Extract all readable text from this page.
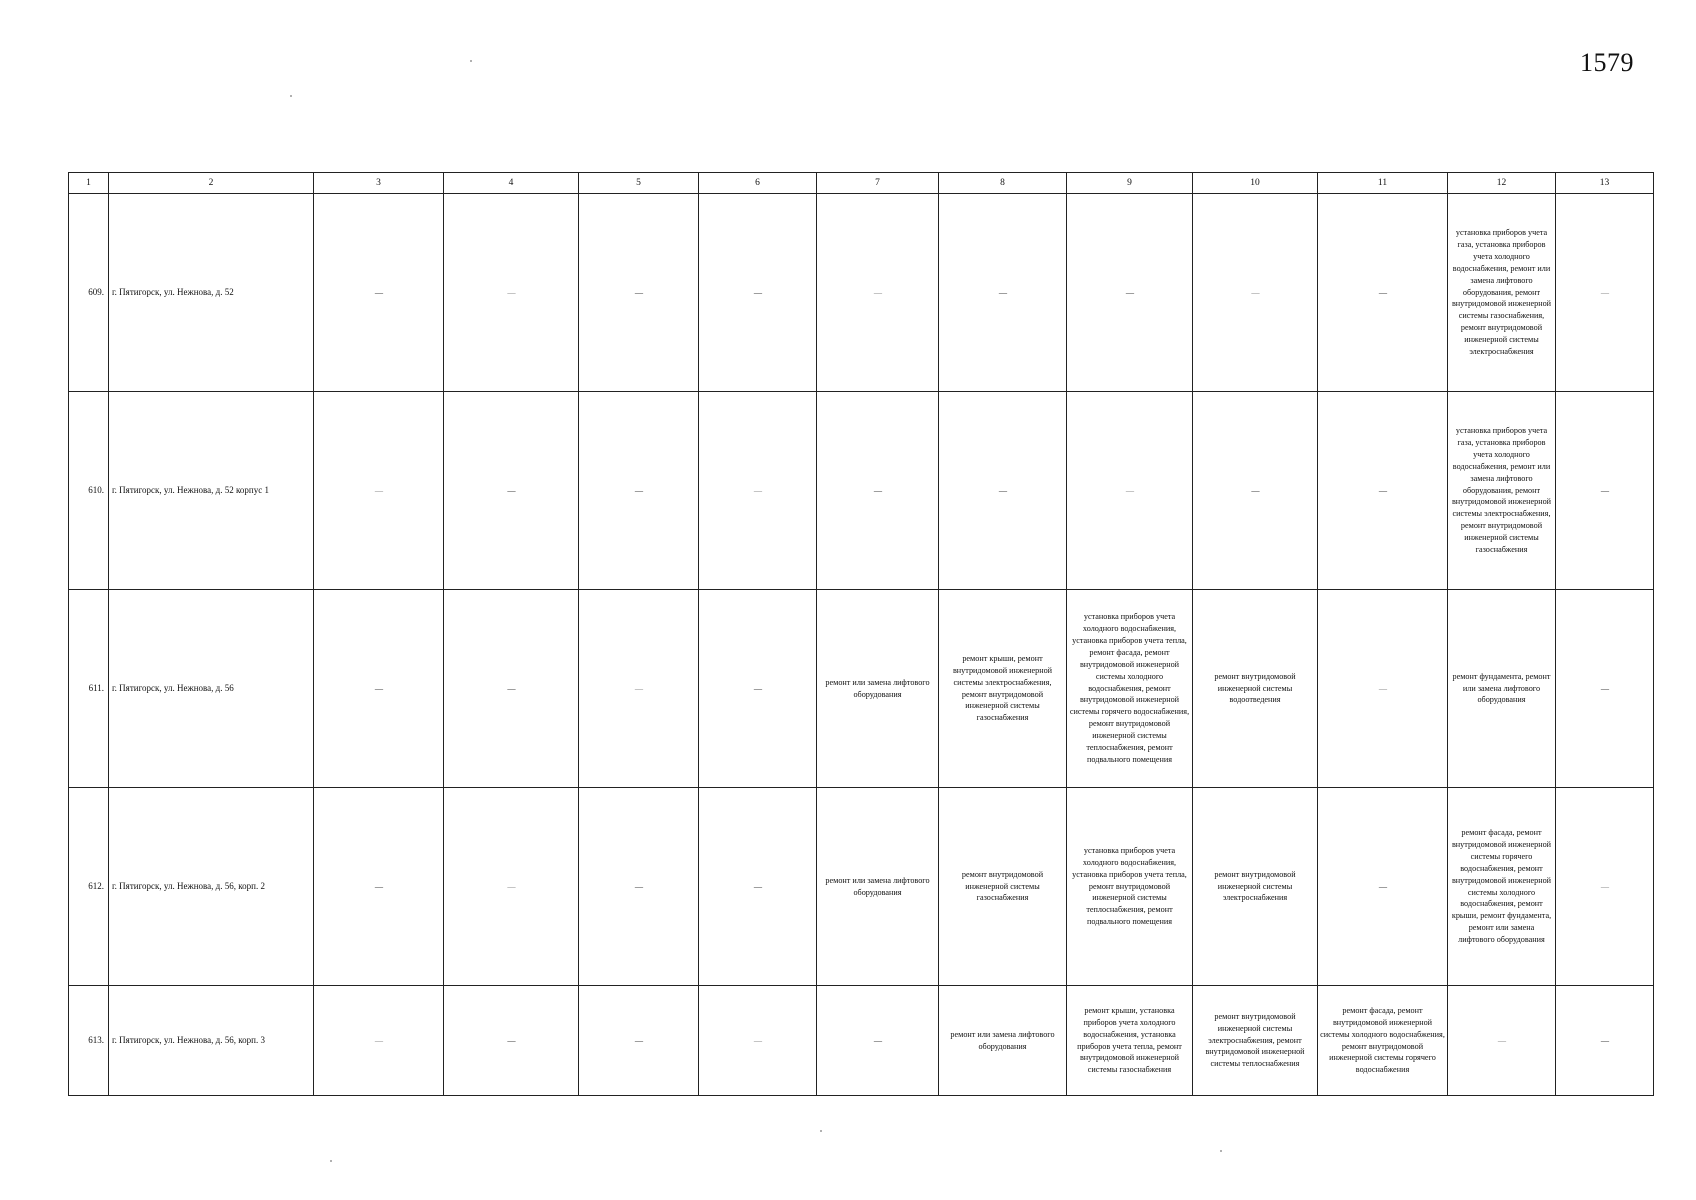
1579
1	2	3	4	5	6	7	8	9	10	11	12	13
609.	г. Пятигорск, ул. Нежнова, д. 52	—	—	—	—	—	—	—	—	—	установка приборов учета газа, установка приборов учета холодного водоснабжения, ремонт или замена лифтового оборудования, ремонт внутридомовой инженерной системы газоснабжения, ремонт внутридомовой инженерной системы электроснабжения	—
610.	г. Пятигорск, ул. Нежнова, д. 52 корпус 1	—	—	—	—	—	—	—	—	—	установка приборов учета газа, установка приборов учета холодного водоснабжения, ремонт или замена лифтового оборудования, ремонт внутридомовой инженерной системы электроснабжения, ремонт внутридомовой инженерной системы газоснабжения	—
611.	г. Пятигорск, ул. Нежнова, д. 56	—	—	—	—	ремонт или замена лифтового оборудования	ремонт крыши, ремонт внутридомовой инженерной системы электроснабжения, ремонт внутридомовой инженерной системы газоснабжения	установка приборов учета холодного водоснабжения, установка приборов учета тепла, ремонт фасада, ремонт внутридомовой инженерной системы холодного водоснабжения, ремонт внутридомовой инженерной системы горячего водоснабжения, ремонт внутридомовой инженерной системы теплоснабжения, ремонт подвального помещения	ремонт внутридомовой инженерной системы водоотведения	—	ремонт фундамента, ремонт или замена лифтового оборудования	—
612.	г. Пятигорск, ул. Нежнова, д. 56, корп. 2	—	—	—	—	ремонт или замена лифтового оборудования	ремонт внутридомовой инженерной системы газоснабжения	установка приборов учета холодного водоснабжения, установка приборов учета тепла, ремонт внутридомовой инженерной системы теплоснабжения, ремонт подвального помещения	ремонт внутридомовой инженерной системы электроснабжения	—	ремонт фасада, ремонт внутридомовой инженерной системы горячего водоснабжения, ремонт внутридомовой инженерной системы холодного водоснабжения, ремонт крыши, ремонт фундамента, ремонт или замена лифтового оборудования	—
613.	г. Пятигорск, ул. Нежнова, д. 56, корп. 3	—	—	—	—	—	ремонт или замена лифтового оборудования	ремонт крыши, установка приборов учета холодного водоснабжения, установка приборов учета тепла, ремонт внутридомовой инженерной системы газоснабжения	ремонт внутридомовой инженерной системы электроснабжения, ремонт внутридомовой инженерной системы теплоснабжения	ремонт фасада, ремонт внутридомовой инженерной системы холодного водоснабжения, ремонт внутридомовой инженерной системы горячего водоснабжения	—	—
